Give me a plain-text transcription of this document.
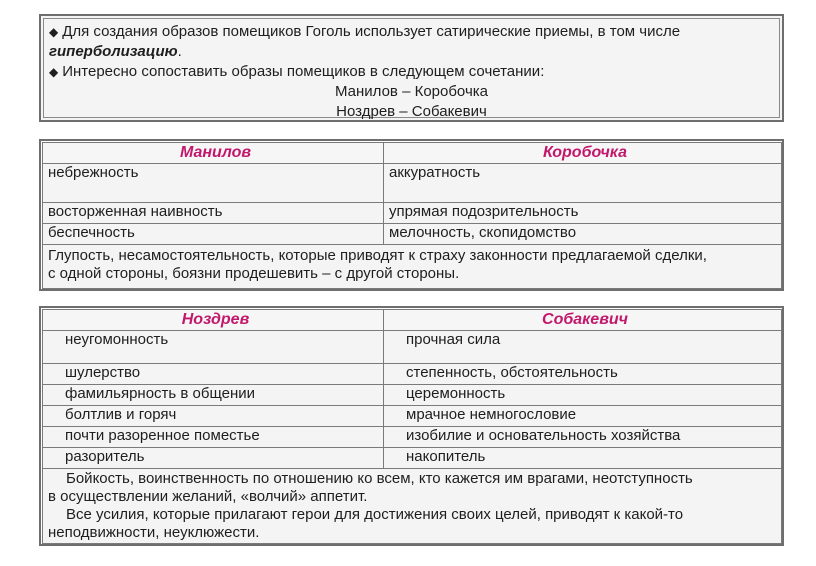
◆ Для создания образов помещиков Гоголь использует сатирические приемы, в том числе
гиперболизацию.
◆ Интересно сопоставить образы помещиков в следующем сочетании:
Манилов – Коробочка
Ноздрев – Собакевич
Манилов	Коробочка
небрежность	аккуратность
восторженная наивность	упрямая подозрительность
беспечность	мелочность, скопидомство

Глупость, несамостоятельность, которые приводят к страху законности предлагаемой сделки,
с одной стороны, боязни продешевить – с другой стороны.	
Ноздрев	Собакевич
неугомонность	прочная сила
шулерство	степенность, обстоятельность
фамильярность в общении	церемонность
болтлив и горяч	мрачное немногословие
почти разоренное поместье	изобилие и основательность хозяйства
разоритель	накопитель

Бойкость, воинственность по отношению ко всем, кто кажется им врагами, неотступность
в осуществлении желаний, «волчий» аппетит.
Все усилия, которые прилагают герои для достижения своих целей, приводят к какой-то
неподвижности, неуклюжести.	
